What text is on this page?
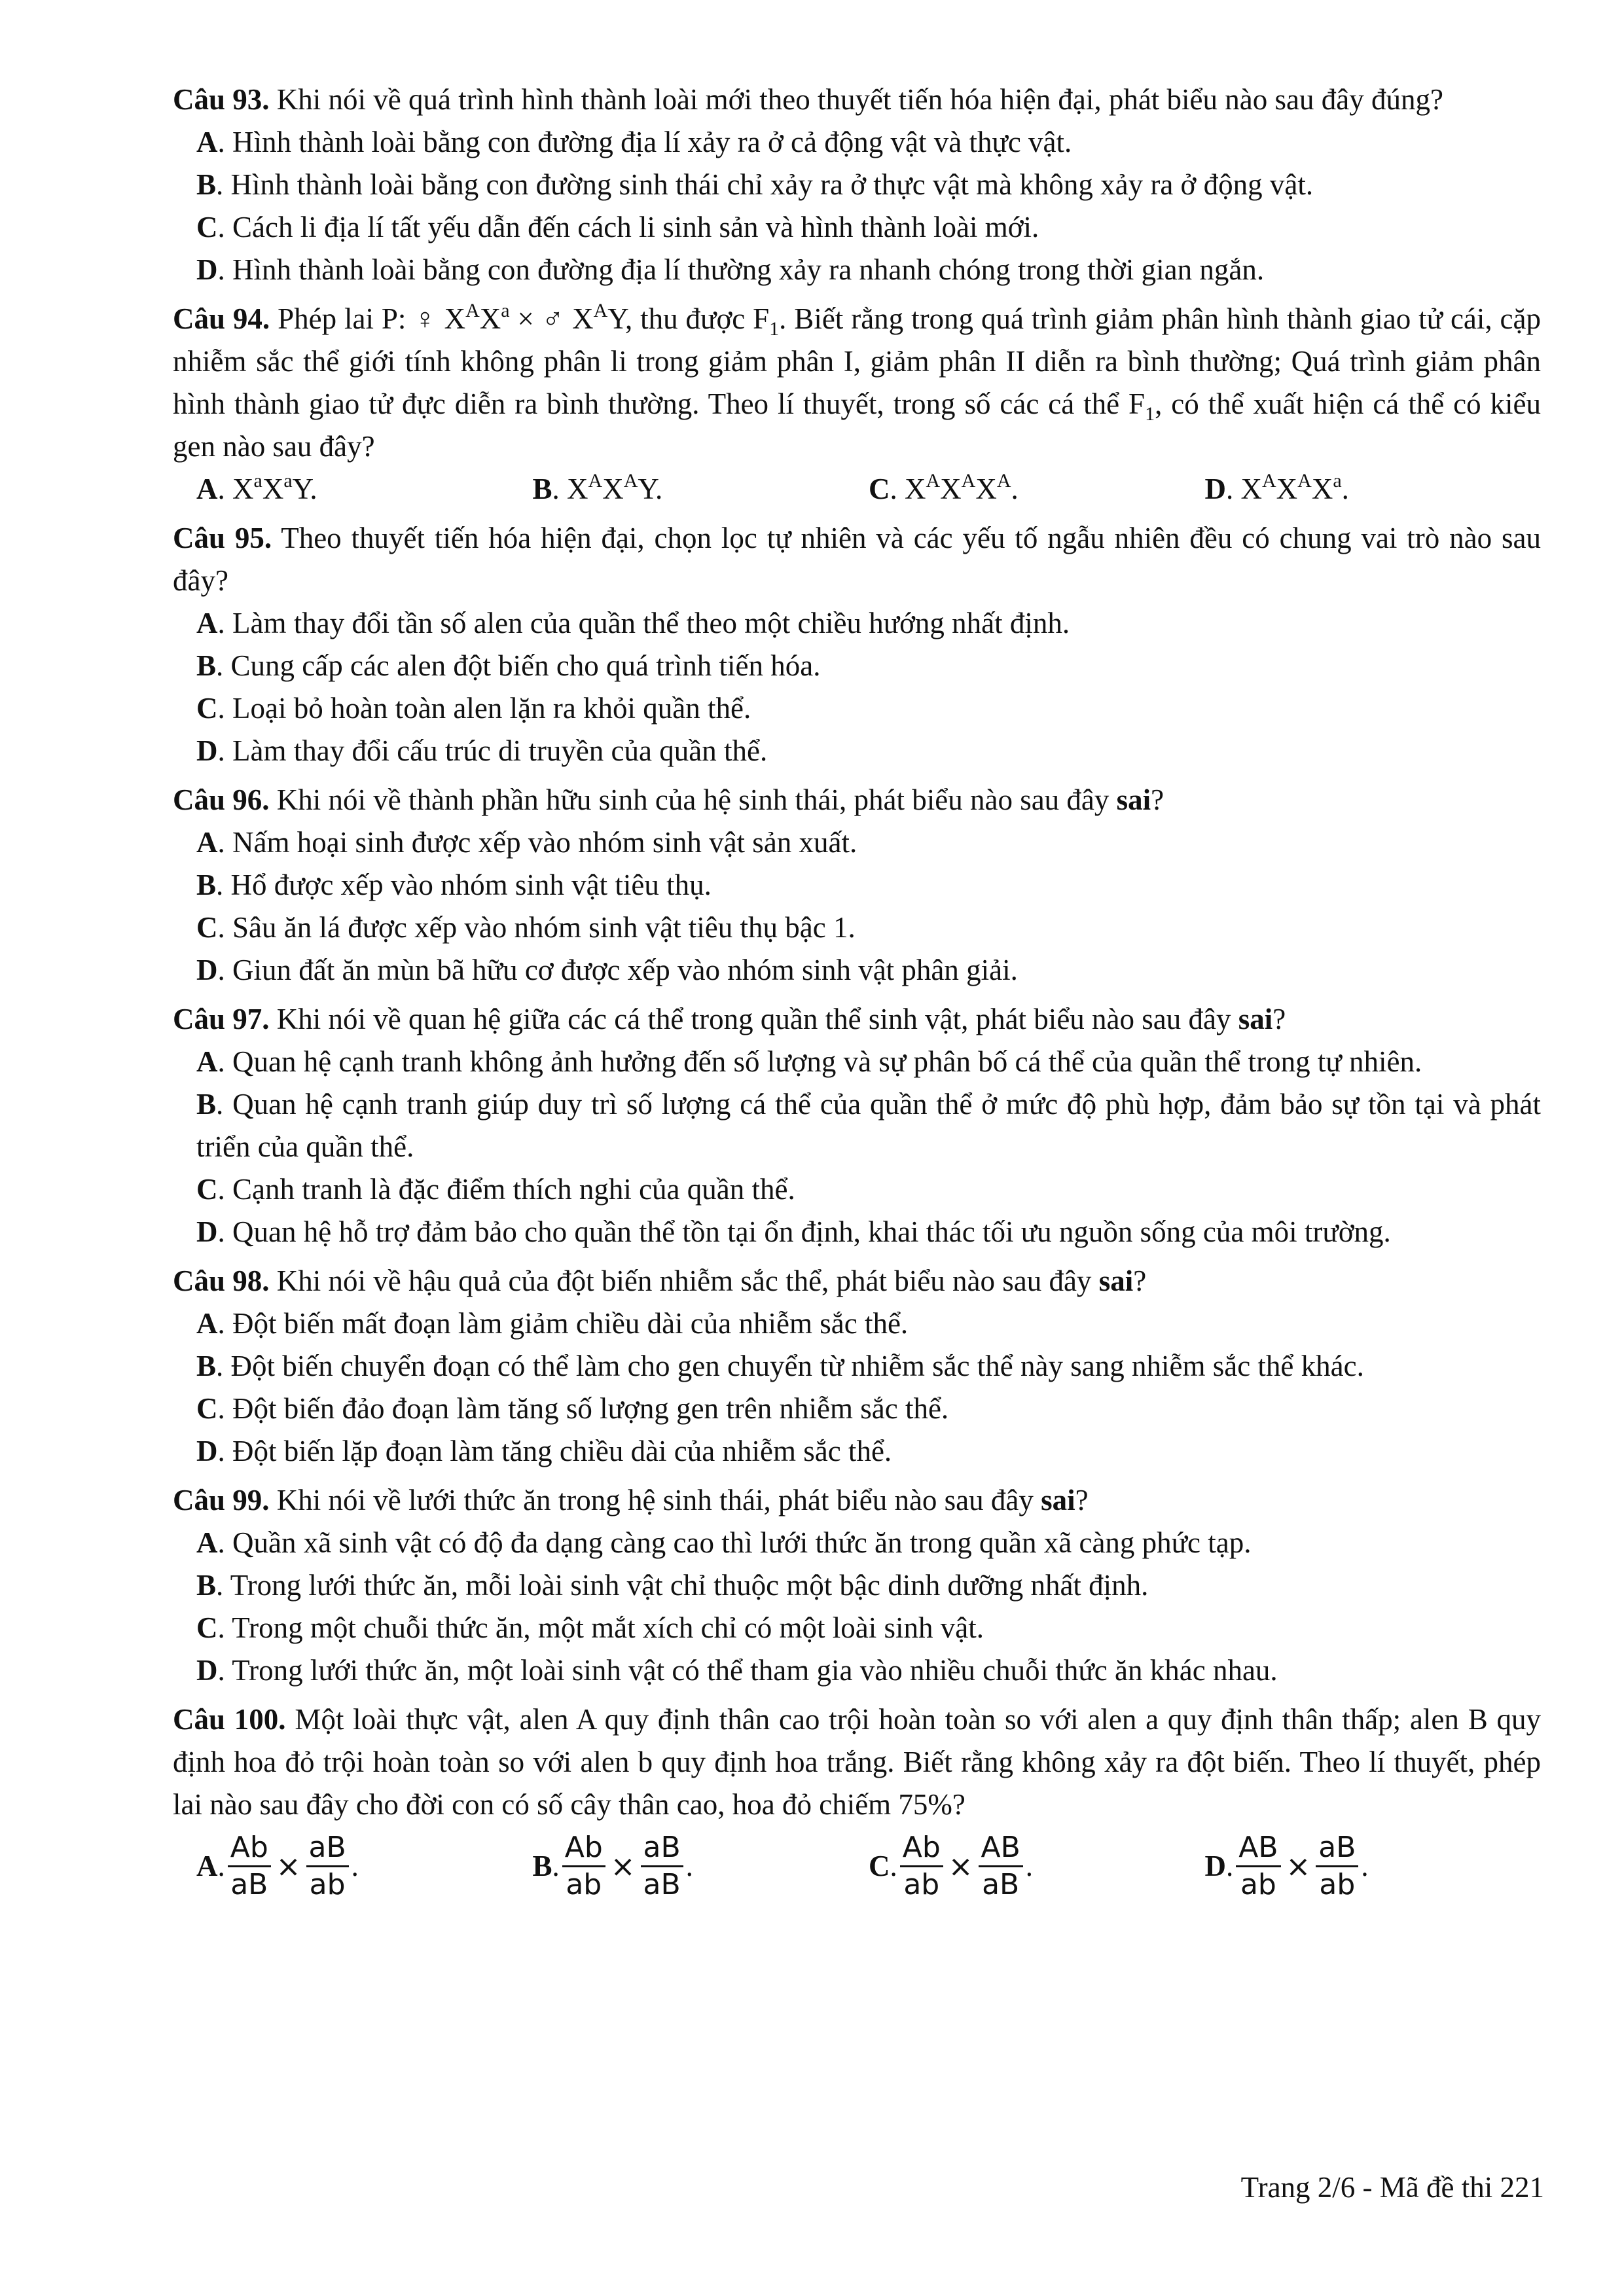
Câu 93. Khi nói về quá trình hình thành loài mới theo thuyết tiến hóa hiện đại, phát biểu nào sau đây đúng?

A. Hình thành loài bằng con đường địa lí xảy ra ở cả động vật và thực vật.

B. Hình thành loài bằng con đường sinh thái chỉ xảy ra ở thực vật mà không xảy ra ở động vật.

C. Cách li địa lí tất yếu dẫn đến cách li sinh sản và hình thành loài mới.

D. Hình thành loài bằng con đường địa lí thường xảy ra nhanh chóng trong thời gian ngắn.

Câu 94. Phép lai P: ♀ $X^AX^a$ × ♂ $X^AY$, thu được $F_1$. Biết rằng trong quá trình giảm phân hình thành giao tử cái, cặp nhiễm sắc thể giới tính không phân li trong giảm phân I, giảm phân II diễn ra bình thường; Quá trình giảm phân hình thành giao tử đực diễn ra bình thường. Theo lí thuyết, trong số các cá thể $F_1$, có thể xuất hiện cá thể có kiểu gen nào sau đây?

A. $X^aX^aY$.	B. $X^AX^AY$.	C. $X^AX^AX^A$.	D. $X^AX^AX^a$.

Câu 95. Theo thuyết tiến hóa hiện đại, chọn lọc tự nhiên và các yếu tố ngẫu nhiên đều có chung vai trò nào sau đây?

A. Làm thay đổi tần số alen của quần thể theo một chiều hướng nhất định.

B. Cung cấp các alen đột biến cho quá trình tiến hóa.

C. Loại bỏ hoàn toàn alen lặn ra khỏi quần thể.

D. Làm thay đổi cấu trúc di truyền của quần thể.

Câu 96. Khi nói về thành phần hữu sinh của hệ sinh thái, phát biểu nào sau đây sai?

A. Nấm hoại sinh được xếp vào nhóm sinh vật sản xuất.

B. Hổ được xếp vào nhóm sinh vật tiêu thụ.

C. Sâu ăn lá được xếp vào nhóm sinh vật tiêu thụ bậc 1.

D. Giun đất ăn mùn bã hữu cơ được xếp vào nhóm sinh vật phân giải.

Câu 97. Khi nói về quan hệ giữa các cá thể trong quần thể sinh vật, phát biểu nào sau đây sai?

A. Quan hệ cạnh tranh không ảnh hưởng đến số lượng và sự phân bố cá thể của quần thể trong tự nhiên.

B. Quan hệ cạnh tranh giúp duy trì số lượng cá thể của quần thể ở mức độ phù hợp, đảm bảo sự tồn tại và phát triển của quần thể.

C. Cạnh tranh là đặc điểm thích nghi của quần thể.

D. Quan hệ hỗ trợ đảm bảo cho quần thể tồn tại ổn định, khai thác tối ưu nguồn sống của môi trường.

Câu 98. Khi nói về hậu quả của đột biến nhiễm sắc thể, phát biểu nào sau đây sai?

A. Đột biến mất đoạn làm giảm chiều dài của nhiễm sắc thể.

B. Đột biến chuyển đoạn có thể làm cho gen chuyển từ nhiễm sắc thể này sang nhiễm sắc thể khác.

C. Đột biến đảo đoạn làm tăng số lượng gen trên nhiễm sắc thể.

D. Đột biến lặp đoạn làm tăng chiều dài của nhiễm sắc thể.

Câu 99. Khi nói về lưới thức ăn trong hệ sinh thái, phát biểu nào sau đây sai?

A. Quần xã sinh vật có độ đa dạng càng cao thì lưới thức ăn trong quần xã càng phức tạp.

B. Trong lưới thức ăn, mỗi loài sinh vật chỉ thuộc một bậc dinh dưỡng nhất định.

C. Trong một chuỗi thức ăn, một mắt xích chỉ có một loài sinh vật.

D. Trong lưới thức ăn, một loài sinh vật có thể tham gia vào nhiều chuỗi thức ăn khác nhau.

Câu 100. Một loài thực vật, alen A quy định thân cao trội hoàn toàn so với alen a quy định thân thấp; alen B quy định hoa đỏ trội hoàn toàn so với alen b quy định hoa trắng. Biết rằng không xảy ra đột biến. Theo lí thuyết, phép lai nào sau đây cho đời con có số cây thân cao, hoa đỏ chiếm 75%?

A . $\frac{Ab}{aB} \times \frac{aB}{ab}$ .	B . $\frac{Ab}{ab} \times \frac{aB}{aB}$ .	C . $\frac{Ab}{ab} \times \frac{AB}{aB}$ .	D . $\frac{AB}{ab} \times \frac{aB}{ab}$ .
Trang 2/6 - Mã đề thi 221
